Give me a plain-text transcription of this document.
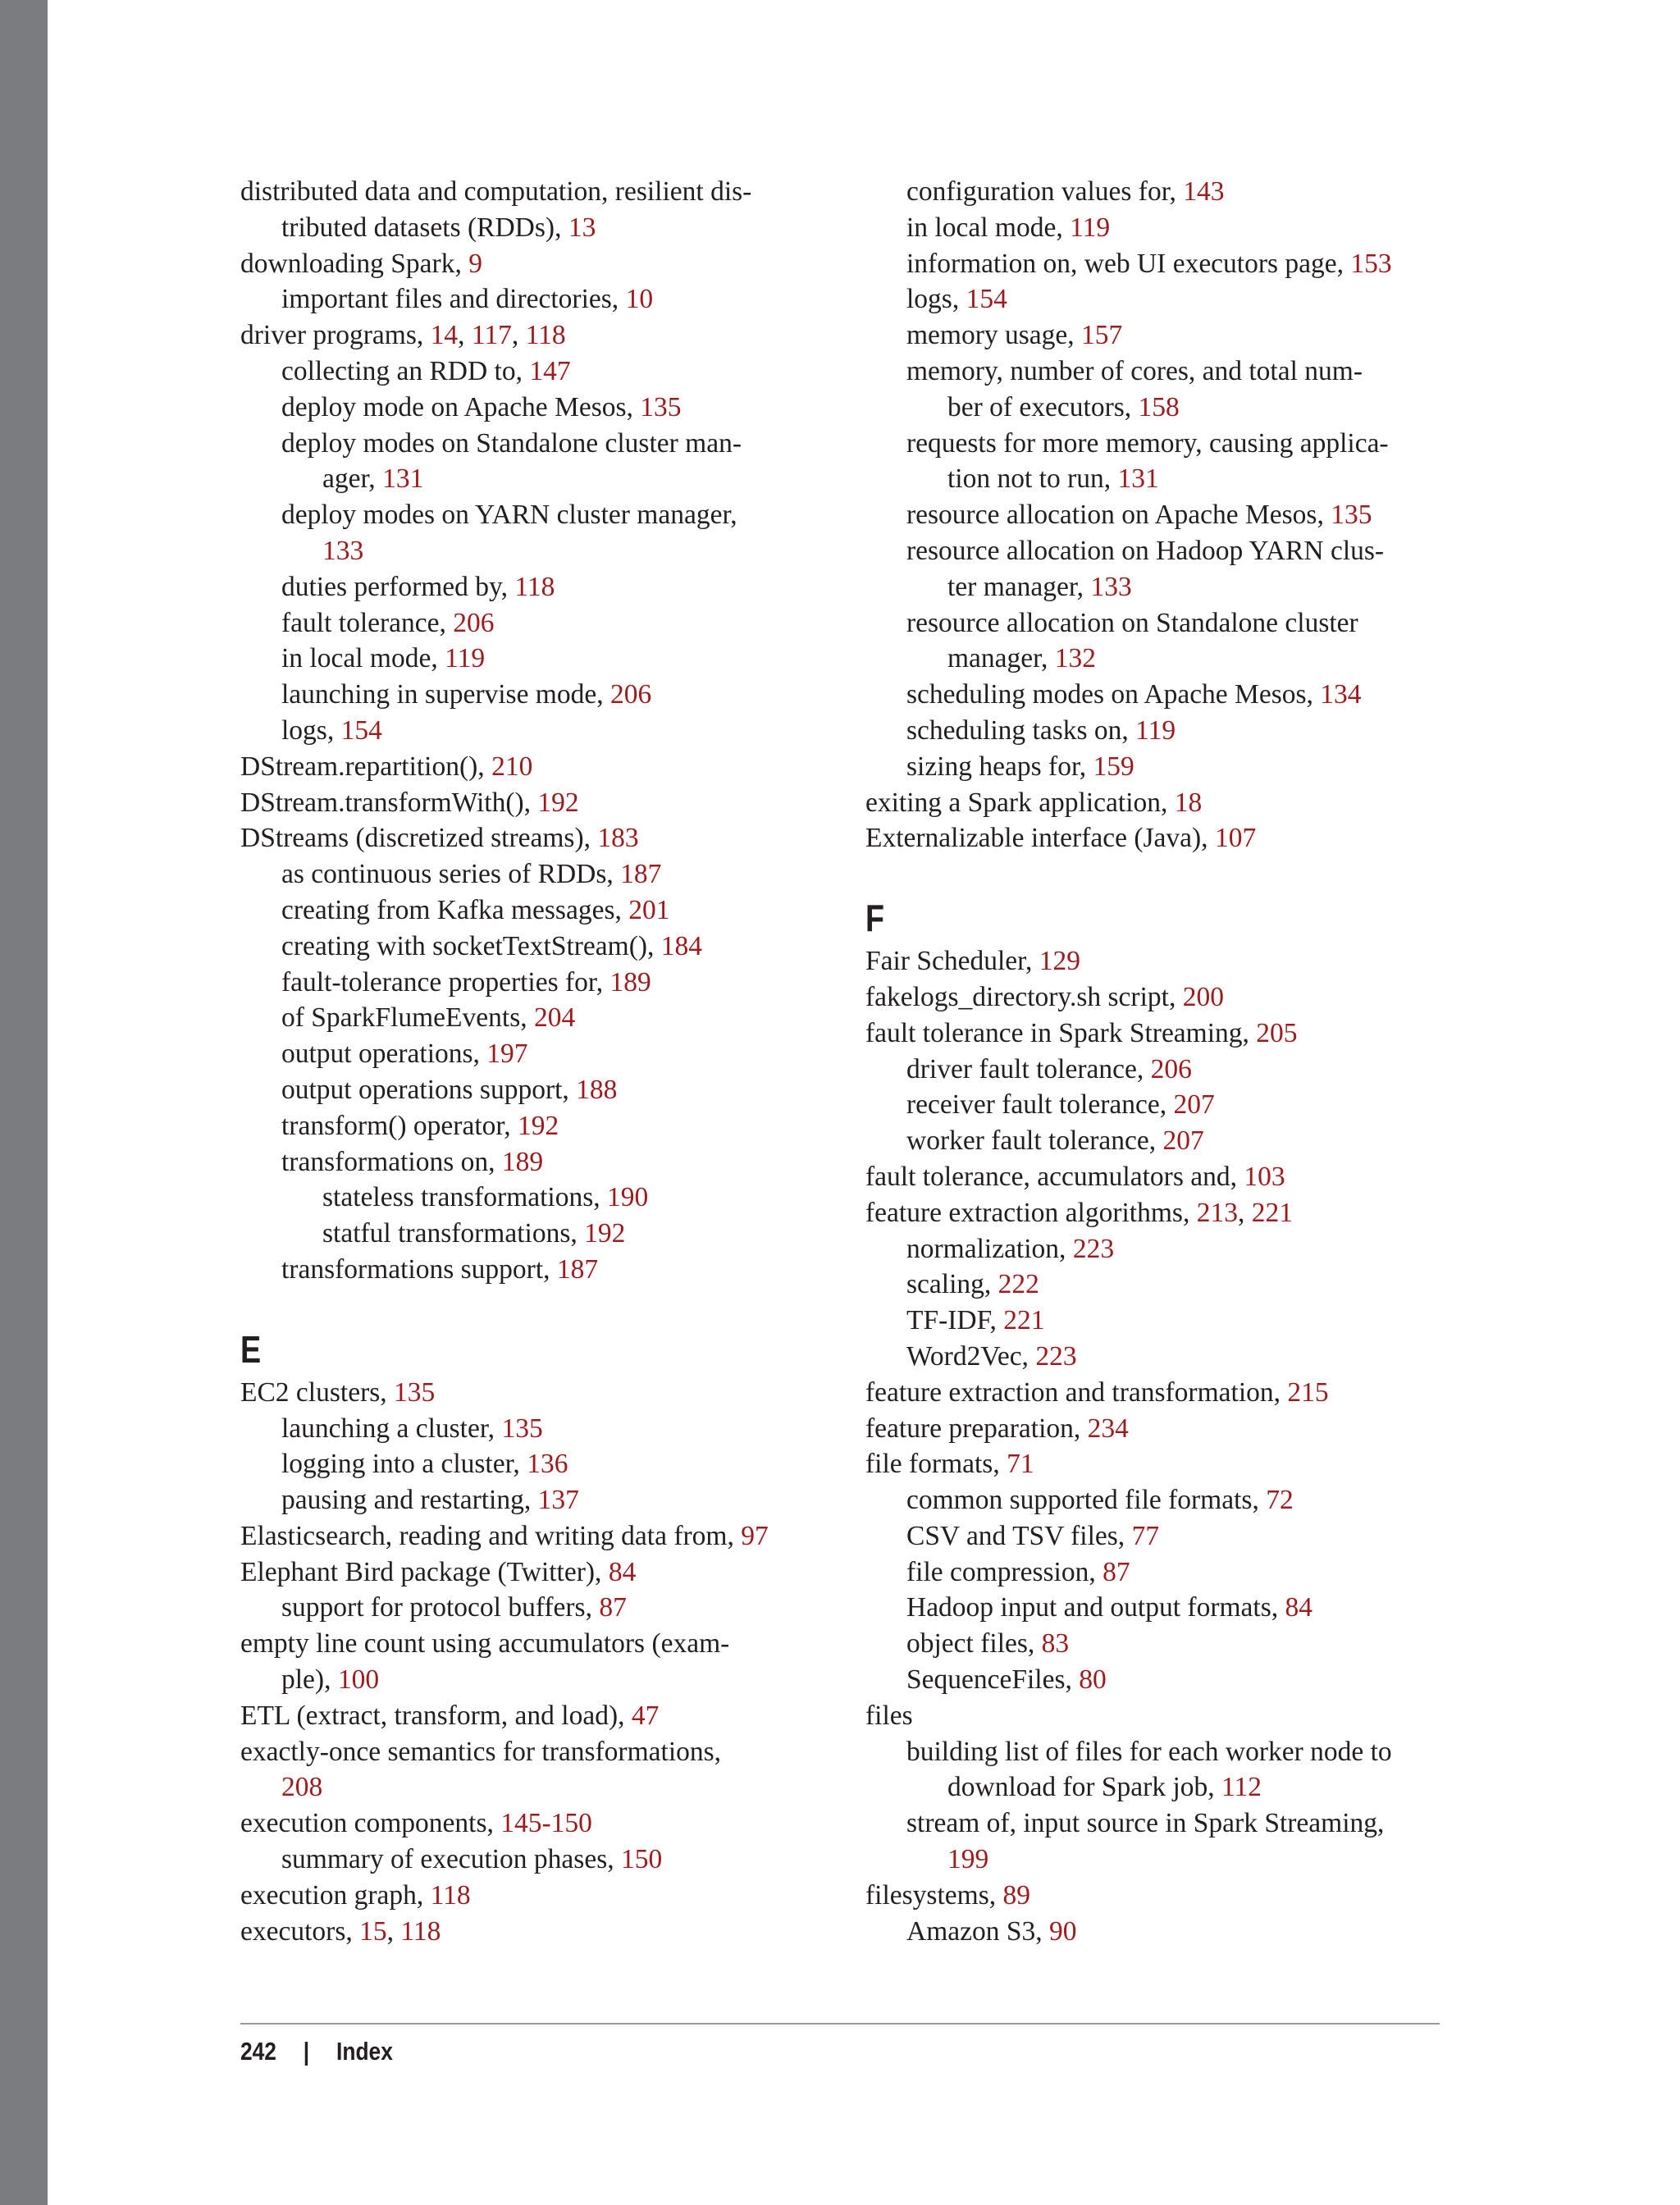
distributed data and computation, resilient dis-
tributed datasets (RDDs), 13
downloading Spark, 9
important files and directories, 10
driver programs, 14, 117, 118
collecting an RDD to, 147
deploy mode on Apache Mesos, 135
deploy modes on Standalone cluster man-
ager, 131
deploy modes on YARN cluster manager,
133
duties performed by, 118
fault tolerance, 206
in local mode, 119
launching in supervise mode, 206
logs, 154
DStream.repartition(), 210
DStream.transformWith(), 192
DStreams (discretized streams), 183
as continuous series of RDDs, 187
creating from Kafka messages, 201
creating with socketTextStream(), 184
fault-tolerance properties for, 189
of SparkFlumeEvents, 204
output operations, 197
output operations support, 188
transform() operator, 192
transformations on, 189
stateless transformations, 190
statful transformations, 192
transformations support, 187
E
EC2 clusters, 135
launching a cluster, 135
logging into a cluster, 136
pausing and restarting, 137
Elasticsearch, reading and writing data from, 97
Elephant Bird package (Twitter), 84
support for protocol buffers, 87
empty line count using accumulators (exam-
ple), 100
ETL (extract, transform, and load), 47
exactly-once semantics for transformations,
208
execution components, 145-150
summary of execution phases, 150
execution graph, 118
executors, 15, 118
configuration values for, 143
in local mode, 119
information on, web UI executors page, 153
logs, 154
memory usage, 157
memory, number of cores, and total num-
ber of executors, 158
requests for more memory, causing applica-
tion not to run, 131
resource allocation on Apache Mesos, 135
resource allocation on Hadoop YARN clus-
ter manager, 133
resource allocation on Standalone cluster
manager, 132
scheduling modes on Apache Mesos, 134
scheduling tasks on, 119
sizing heaps for, 159
exiting a Spark application, 18
Externalizable interface (Java), 107
F
Fair Scheduler, 129
fakelogs_directory.sh script, 200
fault tolerance in Spark Streaming, 205
driver fault tolerance, 206
receiver fault tolerance, 207
worker fault tolerance, 207
fault tolerance, accumulators and, 103
feature extraction algorithms, 213, 221
normalization, 223
scaling, 222
TF-IDF, 221
Word2Vec, 223
feature extraction and transformation, 215
feature preparation, 234
file formats, 71
common supported file formats, 72
CSV and TSV files, 77
file compression, 87
Hadoop input and output formats, 84
object files, 83
SequenceFiles, 80
files
building list of files for each worker node to
download for Spark job, 112
stream of, input source in Spark Streaming,
199
filesystems, 89
Amazon S3, 90
242 | Index
